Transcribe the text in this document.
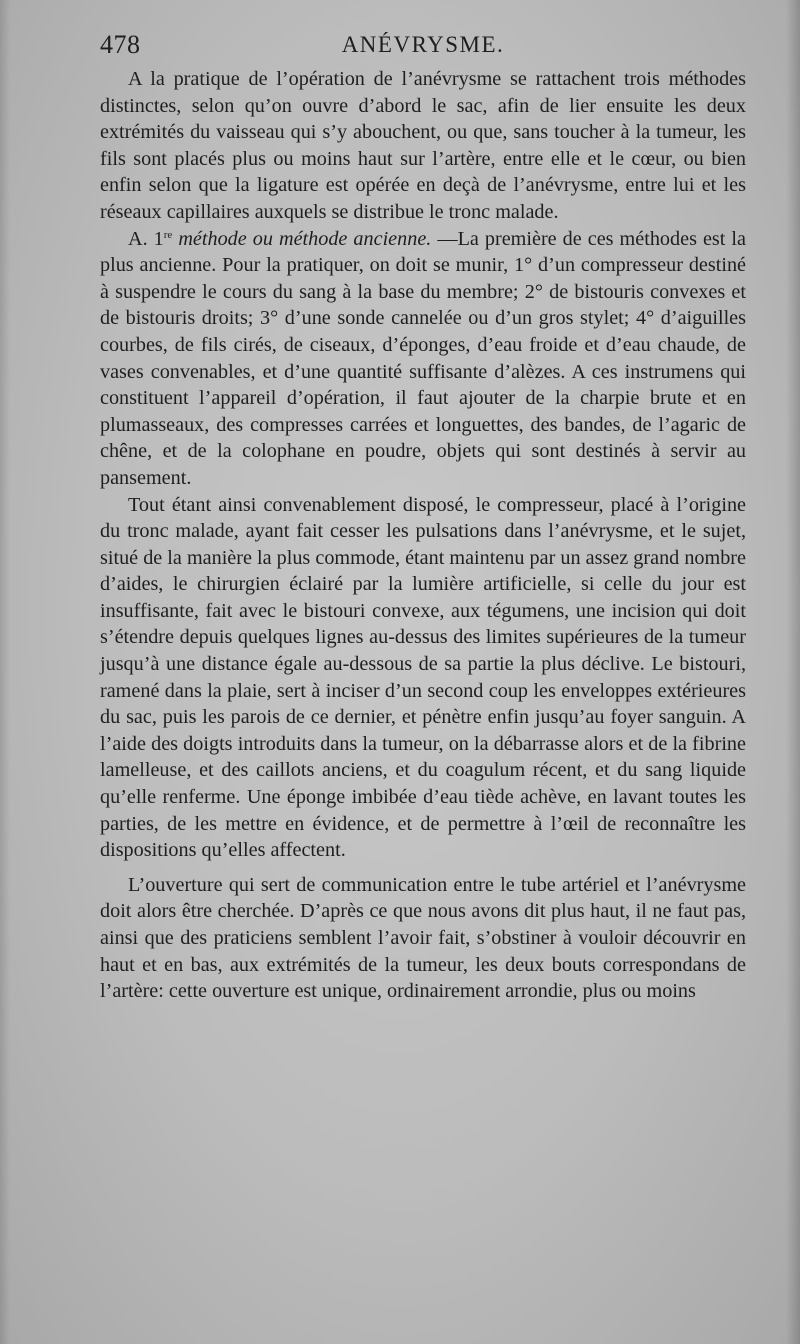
478	ANÉVRYSME.

A la pratique de l’opération de l’anévrysme se rattachent trois méthodes distinctes, selon qu’on ouvre d’abord le sac, afin de lier ensuite les deux extrémités du vaisseau qui s’y abouchent, ou que, sans toucher à la tumeur, les fils sont placés plus ou moins haut sur l’artère, entre elle et le cœur, ou bien enfin selon que la ligature est opérée en deçà de l’anévrysme, entre lui et les réseaux capillaires auxquels se distribue le tronc malade.

A. 1re méthode ou méthode ancienne. —La première de ces méthodes est la plus ancienne. Pour la pratiquer, on doit se munir, 1° d’un compresseur destiné à suspendre le cours du sang à la base du membre; 2° de bistouris convexes et de bistouris droits; 3° d’une sonde cannelée ou d’un gros stylet; 4° d’aiguilles courbes, de fils cirés, de ciseaux, d’éponges, d’eau froide et d’eau chaude, de vases convenables, et d’une quantité suffisante d’alèzes. A ces instrumens qui constituent l’appareil d’opération, il faut ajouter de la charpie brute et en plumasseaux, des compresses carrées et longuettes, des bandes, de l’agaric de chêne, et de la colophane en poudre, objets qui sont destinés à servir au pansement.

Tout étant ainsi convenablement disposé, le compresseur, placé à l’origine du tronc malade, ayant fait cesser les pulsations dans l’anévrysme, et le sujet, situé de la manière la plus commode, étant maintenu par un assez grand nombre d’aides, le chirurgien éclairé par la lumière artificielle, si celle du jour est insuffisante, fait avec le bistouri convexe, aux tégumens, une incision qui doit s’étendre depuis quelques lignes au-dessus des limites supérieures de la tumeur jusqu’à une distance égale au-dessous de sa partie la plus déclive. Le bistouri, ramené dans la plaie, sert à inciser d’un second coup les enveloppes extérieures du sac, puis les parois de ce dernier, et pénètre enfin jusqu’au foyer sanguin. A l’aide des doigts introduits dans la tumeur, on la débarrasse alors et de la fibrine lamelleuse, et des caillots anciens, et du coagulum récent, et du sang liquide qu’elle renferme. Une éponge imbibée d’eau tiède achève, en lavant toutes les parties, de les mettre en évidence, et de permettre à l’œil de reconnaître les dispositions qu’elles affectent.

L’ouverture qui sert de communication entre le tube artériel et l’anévrysme doit alors être cherchée. D’après ce que nous avons dit plus haut, il ne faut pas, ainsi que des praticiens semblent l’avoir fait, s’obstiner à vouloir découvrir en haut et en bas, aux extrémités de la tumeur, les deux bouts correspondans de l’artère: cette ouverture est unique, ordinairement arrondie, plus ou moins
